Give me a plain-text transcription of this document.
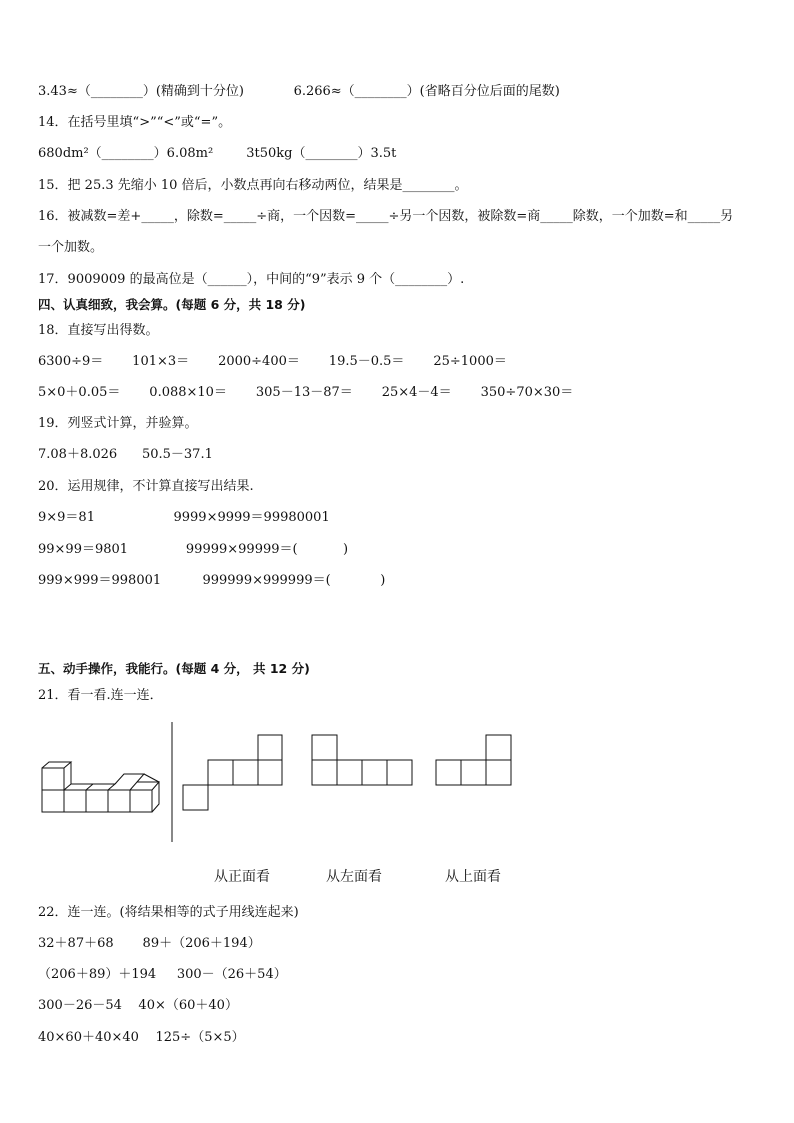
3.43≈（________）(精确到十分位)            6.266≈（________）(省略百分位后面的尾数)
14．在括号里填“>”“<”或“=”。
680dm²（________）6.08m²        3t50kg（________）3.5t
15．把 25.3 先缩小 10 倍后，小数点再向右移动两位，结果是________。
16．被减数=差+_____，除数=_____÷商，一个因数=_____÷另一个因数，被除数=商_____除数，一个加数=和_____另
一个加数。
17．9009009 的最高位是（______），中间的“9”表示 9 个（________）.
四、认真细致，我会算。(每题 6 分，共 18 分)
18．直接写出得数。
6300÷9＝       101×3＝       2000÷400＝       19.5－0.5＝       25÷1000＝
5×0＋0.05＝       0.088×10＝       305－13－87＝       25×4－4＝       350÷70×30＝
19．列竖式计算，并验算。
7.08＋8.026      50.5－37.1
20．运用规律，不计算直接写出结果.
9×9＝81                   9999×9999＝99980001
99×99＝9801              99999×99999＝(           )
999×999＝998001          999999×999999＝(            )
五、动手操作，我能行。(每题 4 分， 共 12 分)
21．看一看.连一连．
从正面看	从左面看	从上面看
22．连一连。(将结果相等的式子用线连起来)
32＋87＋68       89＋（206＋194）
（206＋89）＋194     300－（26＋54）
300－26－54    40×（60＋40）
40×60＋40×40    125÷（5×5）
